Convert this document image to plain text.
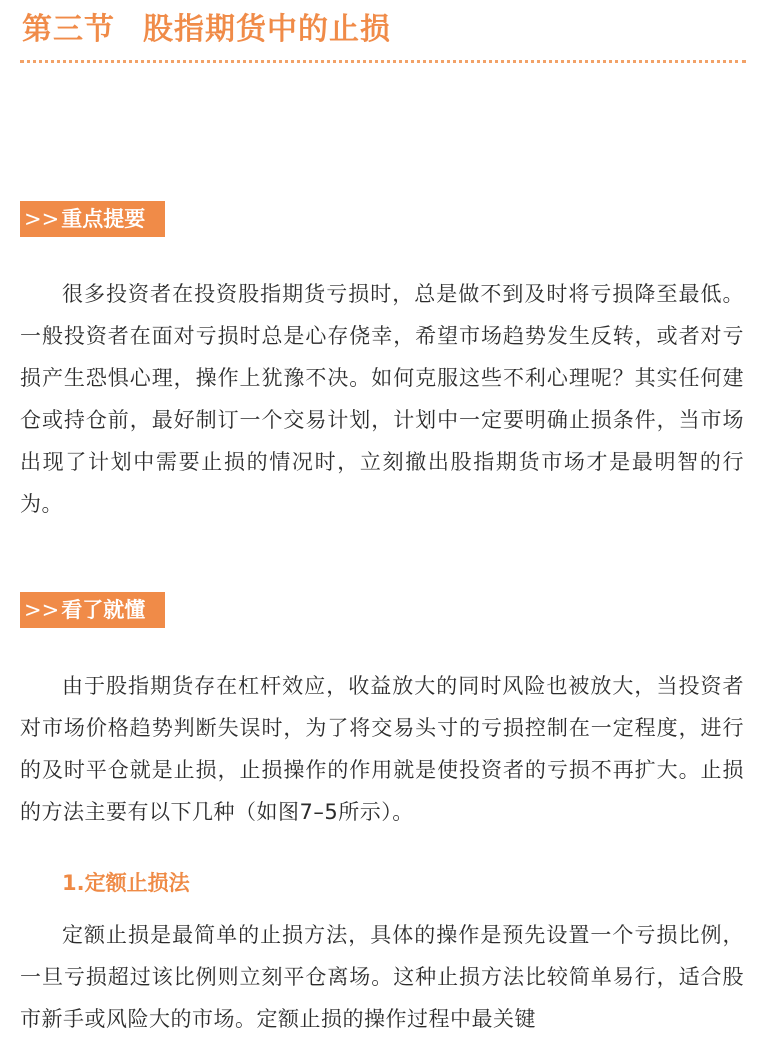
第三节 股指期货中的止损
>>重点提要

很多投资者在投资股指期货亏损时，总是做不到及时将亏损降至最低。一般投资者在面对亏损时总是心存侥幸，希望市场趋势发生反转，或者对亏损产生恐惧心理，操作上犹豫不决。如何克服这些不利心理呢？其实任何建仓或持仓前，最好制订一个交易计划，计划中一定要明确止损条件，当市场出现了计划中需要止损的情况时，立刻撤出股指期货市场才是最明智的行为。

>>看了就懂

由于股指期货存在杠杆效应，收益放大的同时风险也被放大，当投资者对市场价格趋势判断失误时，为了将交易头寸的亏损控制在一定程度，进行的及时平仓就是止损，止损操作的作用就是使投资者的亏损不再扩大。止损的方法主要有以下几种（如图7–5所示）。

1.定额止损法

定额止损是最简单的止损方法，具体的操作是预先设置一个亏损比例，一旦亏损超过该比例则立刻平仓离场。这种止损方法比较简单易行，适合股市新手或风险大的市场。定额止损的操作过程中最关键
